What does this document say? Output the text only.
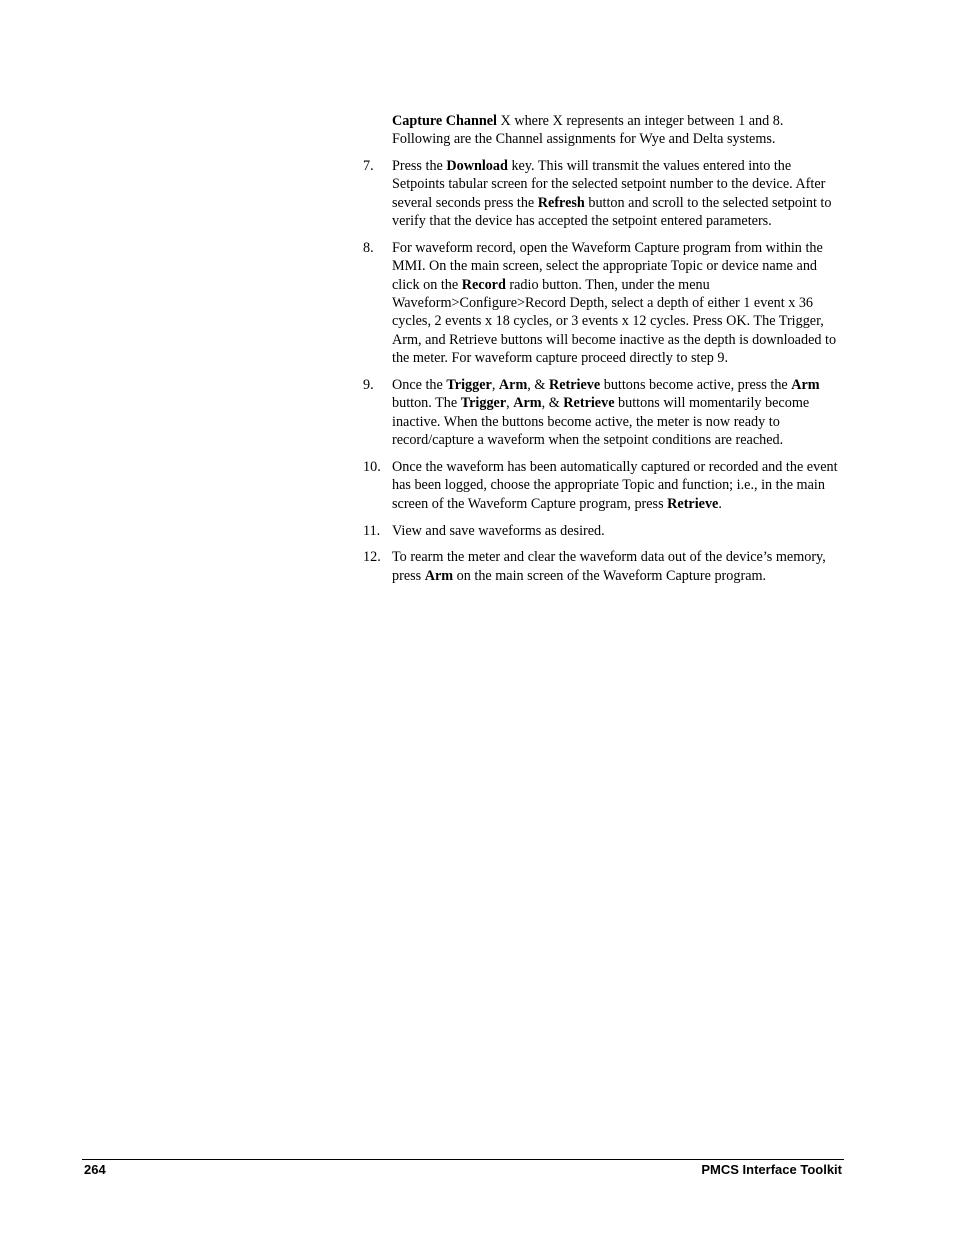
Capture Channel X where X represents an integer between 1 and 8. Following are the Channel assignments for Wye and Delta systems.

7.	Press the Download key. This will transmit the values entered into the Setpoints tabular screen for the selected setpoint number to the device. After several seconds press the Refresh button and scroll to the selected setpoint to verify that the device has accepted the setpoint entered parameters.
8.	For waveform record, open the Waveform Capture program from within the MMI. On the main screen, select the appropriate Topic or device name and click on the Record radio button. Then, under the menu Waveform>Configure>Record Depth, select a depth of either 1 event x 36 cycles, 2 events x 18 cycles, or 3 events x 12 cycles. Press OK. The Trigger, Arm, and Retrieve buttons will become inactive as the depth is downloaded to the meter. For waveform capture proceed directly to step 9.
9.	Once the Trigger, Arm, & Retrieve buttons become active, press the Arm button. The Trigger, Arm, & Retrieve buttons will momentarily become inactive. When the buttons become active, the meter is now ready to record/capture a waveform when the setpoint conditions are reached.
10. Once the waveform has been automatically captured or recorded and the event has been logged, choose the appropriate Topic and function; i.e., in the main screen of the Waveform Capture program, press Retrieve.
11. View and save waveforms as desired.
12. To rearm the meter and clear the waveform data out of the device’s memory, press Arm on the main screen of the Waveform Capture program.
264	PMCS Interface Toolkit
